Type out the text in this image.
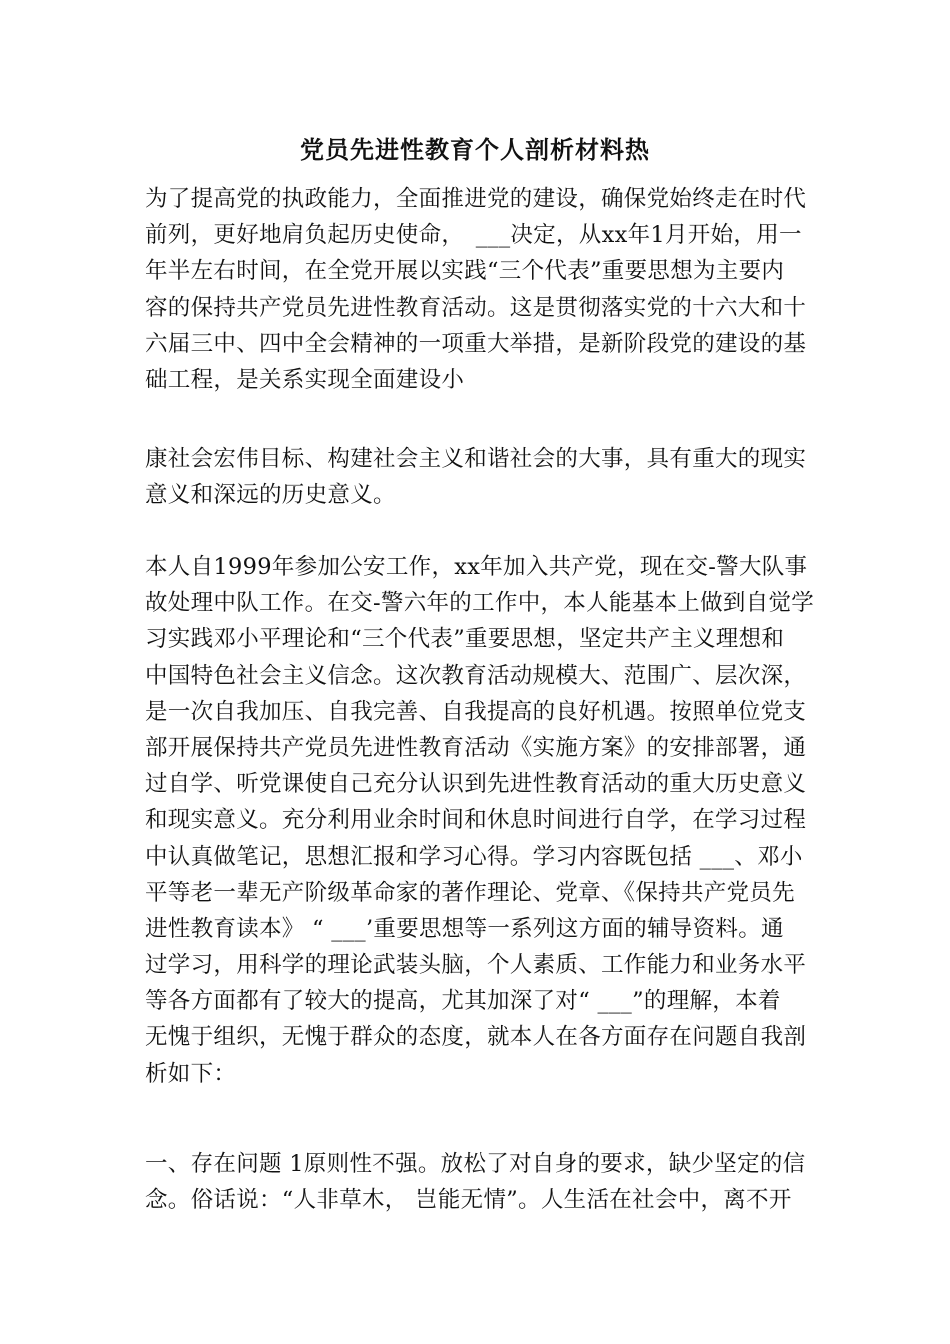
党员先进性教育个人剖析材料热
为了提高党的执政能力，全面推进党的建设，确保党始终走在时代
前列，更好地肩负起历史使命，　___决定，从xx年1月开始，用一
年半左右时间，在全党开展以实践“三个代表”重要思想为主要内
容的保持共产党员先进性教育活动。这是贯彻落实党的十六大和十
六届三中、四中全会精神的一项重大举措，是新阶段党的建设的基
础工程，是关系实现全面建设小
康社会宏伟目标、构建社会主义和谐社会的大事，具有重大的现实
意义和深远的历史意义。
本人自1999年参加公安工作，xx年加入共产党，现在交-警大队事
故处理中队工作。在交-警六年的工作中，本人能基本上做到自觉学
习实践邓小平理论和“三个代表”重要思想，坚定共产主义理想和
中国特色社会主义信念。这次教育活动规模大、范围广、层次深，
是一次自我加压、自我完善、自我提高的良好机遇。按照单位党支
部开展保持共产党员先进性教育活动《实施方案》的安排部署，通
过自学、听党课使自己充分认识到先进性教育活动的重大历史意义
和现实意义。充分利用业余时间和休息时间进行自学，在学习过程
中认真做笔记，思想汇报和学习心得。学习内容既包括 ___、邓小
平等老一辈无产阶级革命家的著作理论、党章、《保持共产党员先
进性教育读本》 “ ___’重要思想等一系列这方面的辅导资料。通
过学习，用科学的理论武装头脑，个人素质、工作能力和业务水平
等各方面都有了较大的提高，尤其加深了对“ ___”的理解，本着
无愧于组织，无愧于群众的态度，就本人在各方面存在问题自我剖
析如下：
一、存在问题 1原则性不强。放松了对自身的要求，缺少坚定的信
念。俗话说：“人非草木， 岂能无情”。人生活在社会中，离不开
